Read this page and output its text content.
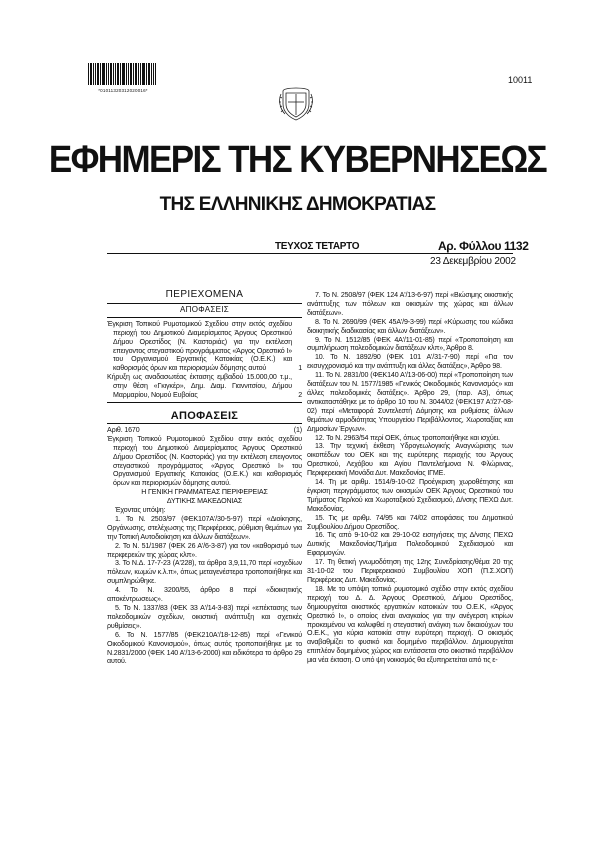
*01011320312020016*
10011
ΕΦΗΜΕΡΙΣ ΤΗΣ ΚΥΒΕΡΝΗΣΕΩΣ
ΤΗΣ ΕΛΛΗΝΙΚΗΣ ΔΗΜΟΚΡΑΤΙΑΣ
ΤΕΥΧΟΣ ΤΕΤΑΡΤΟ	Αρ. Φύλλου 1132
23 Δεκεμβρίου 2002

ΠΕΡΙΕΧΟΜΕΝΑ

ΑΠΟΦΑΣΕΙΣ

Έγκριση Τοπικού Ρυμοτομικού Σχεδίου στην εκτός σχεδίου περιοχή του Δημοτικού Διαμερίσματος Άργους Ορεστικού Δήμου Ορεστίδος (Ν. Καστοριάς) για την εκτέλεση επειγοντος στεγαστικού προγράμματος «Άργος Ορεστικό Ι» του Οργανισμού Εργατικής Κατοικίας (Ο.Ε.Κ.) και καθορισμός όρων και περιορισμών δόμησης αυτού	1

Κήρυξη ως αναδασωτέας έκτασης εμβαδού 15.000,00 τ.μ., στην θέση «Γκιγκέρ», Δημ. Διαμ. Γιαννιτσίου, Δήμου Μαρμαρίου, Νομού Ευβοίας	2

ΑΠΟΦΑΣΕΙΣ

Αριθ. 1670	(1)

Έγκριση Τοπικού Ρυμοτομικού Σχεδίου στην εκτός σχεδίου περιοχή του Δημοτικού Διαμερίσματος Άργους Ορεστικού Δήμου Ορεστίδος (Ν. Καστοριάς) για την εκτέλεση επειγοντος στεγαστικού προγράμματος «Άργος Ορεστικό Ι» του Οργανισμού Εργατικής Κατοικίας (Ο.Ε.Κ.) και καθορισμός όρων και περιορισμών δόμησης αυτού.

Η ΓΕΝΙΚΗ ΓΡΑΜΜΑΤΕΑΣ ΠΕΡΙΦΕΡΕΙΑΣ

ΔΥΤΙΚΗΣ ΜΑΚΕΔΟΝΙΑΣ

Έχοντας υπόψη:

1. Το Ν. 2503/97 (ΦΕΚ107Α'/30-5-97) περί «Διοίκησης, Οργάνωσης, στελέχωσης της Περιφέρειας, ρύθμιση θεμάτων για την Τοπική Αυτοδιοίκηση και άλλων διατάξεων».

2. Το Ν. 51/1987 (ΦΕΚ 26 Α'/6-3-87) για τον «καθορισμό των περιφερειών της χώρας κλπ».

3. Το Ν.Δ. 17-7-23 (Α'228), τα άρθρα 3,9,11,70 περί «σχεδίων πόλεων, κωμών κ.λ.π», όπως μεταγενέστερα τροποποιήθηκε και συμπληρώθηκε.

4. Το Ν. 3200/55, άρθρο 8 περί «διοικητικής αποκέντρωσεως».

5. Το Ν. 1337/83 (ΦΕΚ 33 Α'/14-3-83) περί «επέκτασης των πολεοδομικών σχεδίων, οικιστική ανάπτυξη και σχετικές ρυθμίσεις».

6. Το Ν. 1577/85 (ΦΕΚ210Α'/18-12-85) περί «Γενικού Οικοδομικού Κανονισμού», όπως αυτός τροποποιήθηκε με το Ν.2831/2000 (ΦΕΚ 140 Α'/13-6-2000) και ειδικότερα το άρθρο 29 αυτού.

7. Το Ν. 2508/97 (ΦΕΚ 124 Α'/13-6-97) περί «Βιώσιμης οικιστικής ανάπτυξης των πόλεων και οικισμών της χώρας και άλλων διατάξεων».

8. Το Ν. 2690/99 (ΦΕΚ 45Α'/9-3-99) περί «Κύρωσης του κώδικα διοικητικής διαδικασίας και άλλων διατάξεων».

9. Το Ν. 1512/85 (ΦΕΚ 4Α'/11-01-85) περί «Τροποποίηση και συμπλήρωση πολεοδομικών διατάξεων κλπ», Άρθρο 8.

10. Το Ν. 1892/90 (ΦΕΚ 101 Α'/31-7-90) περί «Για τον εκσυγχρονισμό και την ανάπτυξη και άλλες διατάξεις», Άρθρο 98.

11. Το Ν. 2831/00 (ΦΕΚ140 Α'/13-06-00) περί «Τροποποίηση των διατάξεων του Ν. 1577/1985 «Γενικός Οικοδομικός Κανονισμός» και άλλες πολεοδομικές διατάξεις». Άρθρο 29, (παρ. Α3), όπως αντικαταστάθηκε με το άρθρο 10 του Ν. 3044/02 (ΦΕΚ197 Α'/27-08-02) περί «Μεταφορά Συντελεστή Δόμησης και ρυθμίσεις άλλων θεμάτων αρμοδιότητας Υπουργείου Περιβάλλοντος, Χωροταξίας και Δημοσίων Έργων».

12. Το Ν. 2963/54 περί ΟΕΚ, όπως τροποποιήθηκε και ισχύει.

13. Την τεχνική έκθεση Υδρογεωλογικής Αναγνώρισης των οικοπέδων του ΟΕΚ και της ευρύτερης περιοχής του Άργους Ορεστικού, Λεχόβου και Αγίου Παντελεήμονα Ν. Φλώρινας, Περιφερειακή Μονάδα Δυτ. Μακεδονίας ΙΓΜΕ.

14. Τη με αριθμ. 1514/9-10-02 Προέγκριση χωροθέτησης και έγκριση περιγράμματος των οικισμών ΟΕΚ Άργους Ορεστικού του Τμήματος Περ/κού και Χωροταξικού Σχεδιασμού, Δ/νσης ΠΕΧΩ Δυτ. Μακεδονίας.

15. Τις με αριθμ. 74/95 και 74/02 αποφάσεις του Δημοτικού Συμβουλίου Δήμου Ορεστίδος.

16. Τις από 9-10-02 και 29-10-02 εισηγήσεις της Δ/νσης ΠΕΧΩ Δυτικής Μακεδονίας/Τμήμα Πολεοδομικού Σχεδιασμού και Εφαρμογών.

17. Τη θετική γνωμοδότηση της 12ης Συνεδρίασης/θέμα 20 της 31-10-02 του Περιφερειακού Συμβουλίου ΧΟΠ (Π.Σ.ΧΟΠ) Περιφέρειας Δυτ. Μακεδονίας.

18. Με το υπόψη τοπικό ρυμοτομικό σχέδιο στην εκτός σχεδίου περιοχή του Δ. Δ. Άργους Ορεστικού, Δήμου Ορεστίδος, δημιουργείται οικιστικός εργατικών κατοικιών του Ο.Ε.Κ, «Άργος Ορεστικό Ι», ο οποίος είναι αναγκαίος για την ανέγερση κτιρίων προκειμένου να καλυφθεί η στεγαστική ανάγκη των δικαιούχων του Ο.Ε.Κ., για κύρια κατοικία στην ευρύτερη περιοχή. Ο οικισμός αναβαθμίζει το φυσικό και δομημένο περιβάλλον. Δημιουργείται επιπλέον δομημένος χώρος και εντάσσεται στο οικιστικό περιβάλλον μια νέα έκταση. Ο υπό ψη νοικισμός θα εξυπηρετείται από τις ε-
